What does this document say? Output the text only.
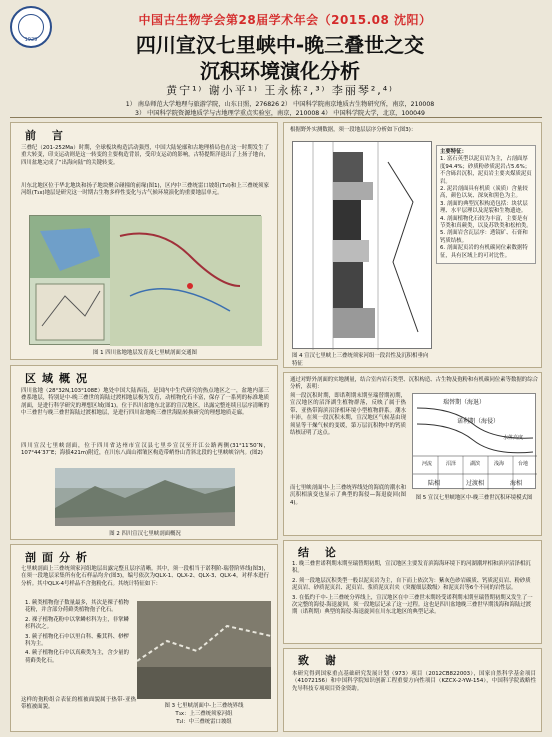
1929
中国古生物学会第28届学术年会（2015.08 沈阳）
四川宣汉七里峡中-晚三叠世之交
沉积环境演化分析
黄宁¹⁾ 谢小平¹⁾ 王永栋²,³⁾ 李丽琴²,⁴⁾
1） 南阜师范大学地理与旅游学院，山东日照，276826 2） 中国科学院南京地质古生物研究所，南京，210008
3） 中国科学院资源地质学与古地理学重点实验室，南京，210008 4） 中国科学院大学，北京，100049
前 言
三叠纪（201-252Ma）时期，全球板块构造活动强烈，中国大陆轮廓和古地理格局也在这一时期发生了重大转变，印支运动则是这一转变的主要构造背景，受印支运动的影响，古特提斯洋退出了上扬子地台，四川盆地完成了“出海向陆”的关键转变。
川东北地区位于华北地块和扬子地块聚合碰撞的前缘(图1)，区内中三叠统雷口坡组(T₂l)和上三叠统须家河组(T₃x)地层是研究这一时期古生物多样性变化与古气候环境演化的重要地层单元。
图 1 四川盆地地层发育及七里峡剖面交通图
区域概况
四川盆地（28°32N,103°108E）地处中国大陆西南，是国内中生代研究的热点地区之一，盆地内部三叠系地层，特别是中-晚三叠世的海陆过渡相地层极为发育，动植物化石丰富，保存了一系列的标准地质剖面，是进行科学研究的理想区域(图1)。位于四川盆地东北部的宣汉地区，出露完整连续且层序清晰的中三叠世与晚三叠世海陆过渡相地层，是进行四川盆地晚三叠世海陆转换研究的理想地质走廊。
四川宣汉七里峡剖面，位于四川省达州市宣汉县七里乡宣汉至开江公路两侧(31°11′50″N，107°44′37″E；海拔421m)附近，在川东八面山褶皱区构造带峭脊山背斜北段的七里峡峡谷内。(图2)
图 2 四川宣汉七里峡剖面概况
剖面分析
七里峡剖面上三叠统须家河组地层出露完整且层序清晰。其中，须一段相当于诺利阶-瑞替阶界线(图3)，在须一段地层采集所有化石样品均介(图3)，编号依次为QLX-1、QLX-2、QLX-3、QLX-4，对样本进行分析。其中QLX-4号样品不含孢粉化石。其统计特征如下：
1. 蕨类植物孢子数量最多，其次是裸子植物花粉，并含部分荷藓类植物孢子化石。
2. 裸子植物花粉中以掌鳞杉科为主，非掌鳞杉科次之。
3. 蕨子植物化石中以里白科、紫萁科、桫椤科为主。
4. 蕨子植物化石中以真蕨类为主，含少量的荷藓类化石。
这样的孢粉组合表征的植被面貌属于热带-亚热带植被面貌。	图 3 七里峡剖面中-上三叠统界线
T₃x：上三叠统须家河组
T₂l：中三叠统雷口坡组
根据野外实测数据，须一段地层层序分析如下(图3)：
主要特征：
1. 富石英型以泥页岩为主，占剖面厚度94.4%；砂质粉砂质泥岩占5.6%；不含砾岩沉积，泥页岩主要夹煤质泥页岩。
2. 泥岩剖面具有机质（炭质）含量较高，颜色以灰、深灰和黑色为主。
3. 剖面的典型沉积构造包括：块状层理、水平层理以及泥裂和生物遗迹。
4. 剖面植物化石较为丰富，主要是有节类和真蕨类，以及苏铁类和松柏类。
5. 剖面岩含瓦层序：透镜矿、石膏和钙质结核。
6. 剖面泥页岩的有机碳同位素数据特征，具有区域上的可对比性。
图 4 宣汉七里峡上三叠统须家河组一段岩性及沉积相垂向特征
通过对野外剖面的实地测量，结合室内岩石类型、沉积构造、古生物及孢粉和有机碳同位素等数据的综合分析，表明：
须一段沉积时期，即诺利期末期至瑞替期初期，宣汉地区的沼泽湖生植物群落，反映了属于热带、亚热带海滨沼泽相环境小型植物群系。潮水丰沛，在须一段沉积末期，宣汉地区气候基由现须显等干燥气候的变缓，第万层沉积物中的钙质结核证明了这点。
而七里峡剖面中-上三叠统界线处的海底的潮水和沉积相演变也显示了典型的海侵—海退旋回(图4)。
瑞替期（海退）
诺利期（海侵）
水体高度
河流	沼泽	湖滨	浅海	台地
陆相	过渡相	海相
图 5 宣汉七里峡地区中-晚三叠世沉积环境模式图
结 论
1. 晚三叠世诺利期末期至瑞替期初期，宣汉地区主要发育滨海海环境下的河湖潮坪相和滨岸沼泽相沉积。
2. 须一段地层沉积类型一般以泥页岩为主，自下而上依次为：紫灰色砂岩碳质、钙质泥页岩、粉砂质泥页岩、砂质泥页岩、泥页岩、浆质泥页岩夹（突覆细层数级）和泥页岩等6个不同的岩性层。
3. 在低约千中-上三叠统分界线上，宣汉地区在中三叠世末期经受诺利期末期至瑞替期初期又发生了一次完整的海侵-海退旋回，须一段地层记录了这一过程。这也是四川盆地晚三叠世早期浅海和海陆过渡期（诺利期）典型的海侵-海退旋回在川东北地区的典型记录。
致 谢
本研究得到国家重点基础研究发展计划（973）项目（2012CB822003），国家自然科学基金项目（41072156）和中国科学院知识创新工程重要方向性项目（KZCX-2-YW-154），中国科学院战略性先导科技专项项目资金资助。
